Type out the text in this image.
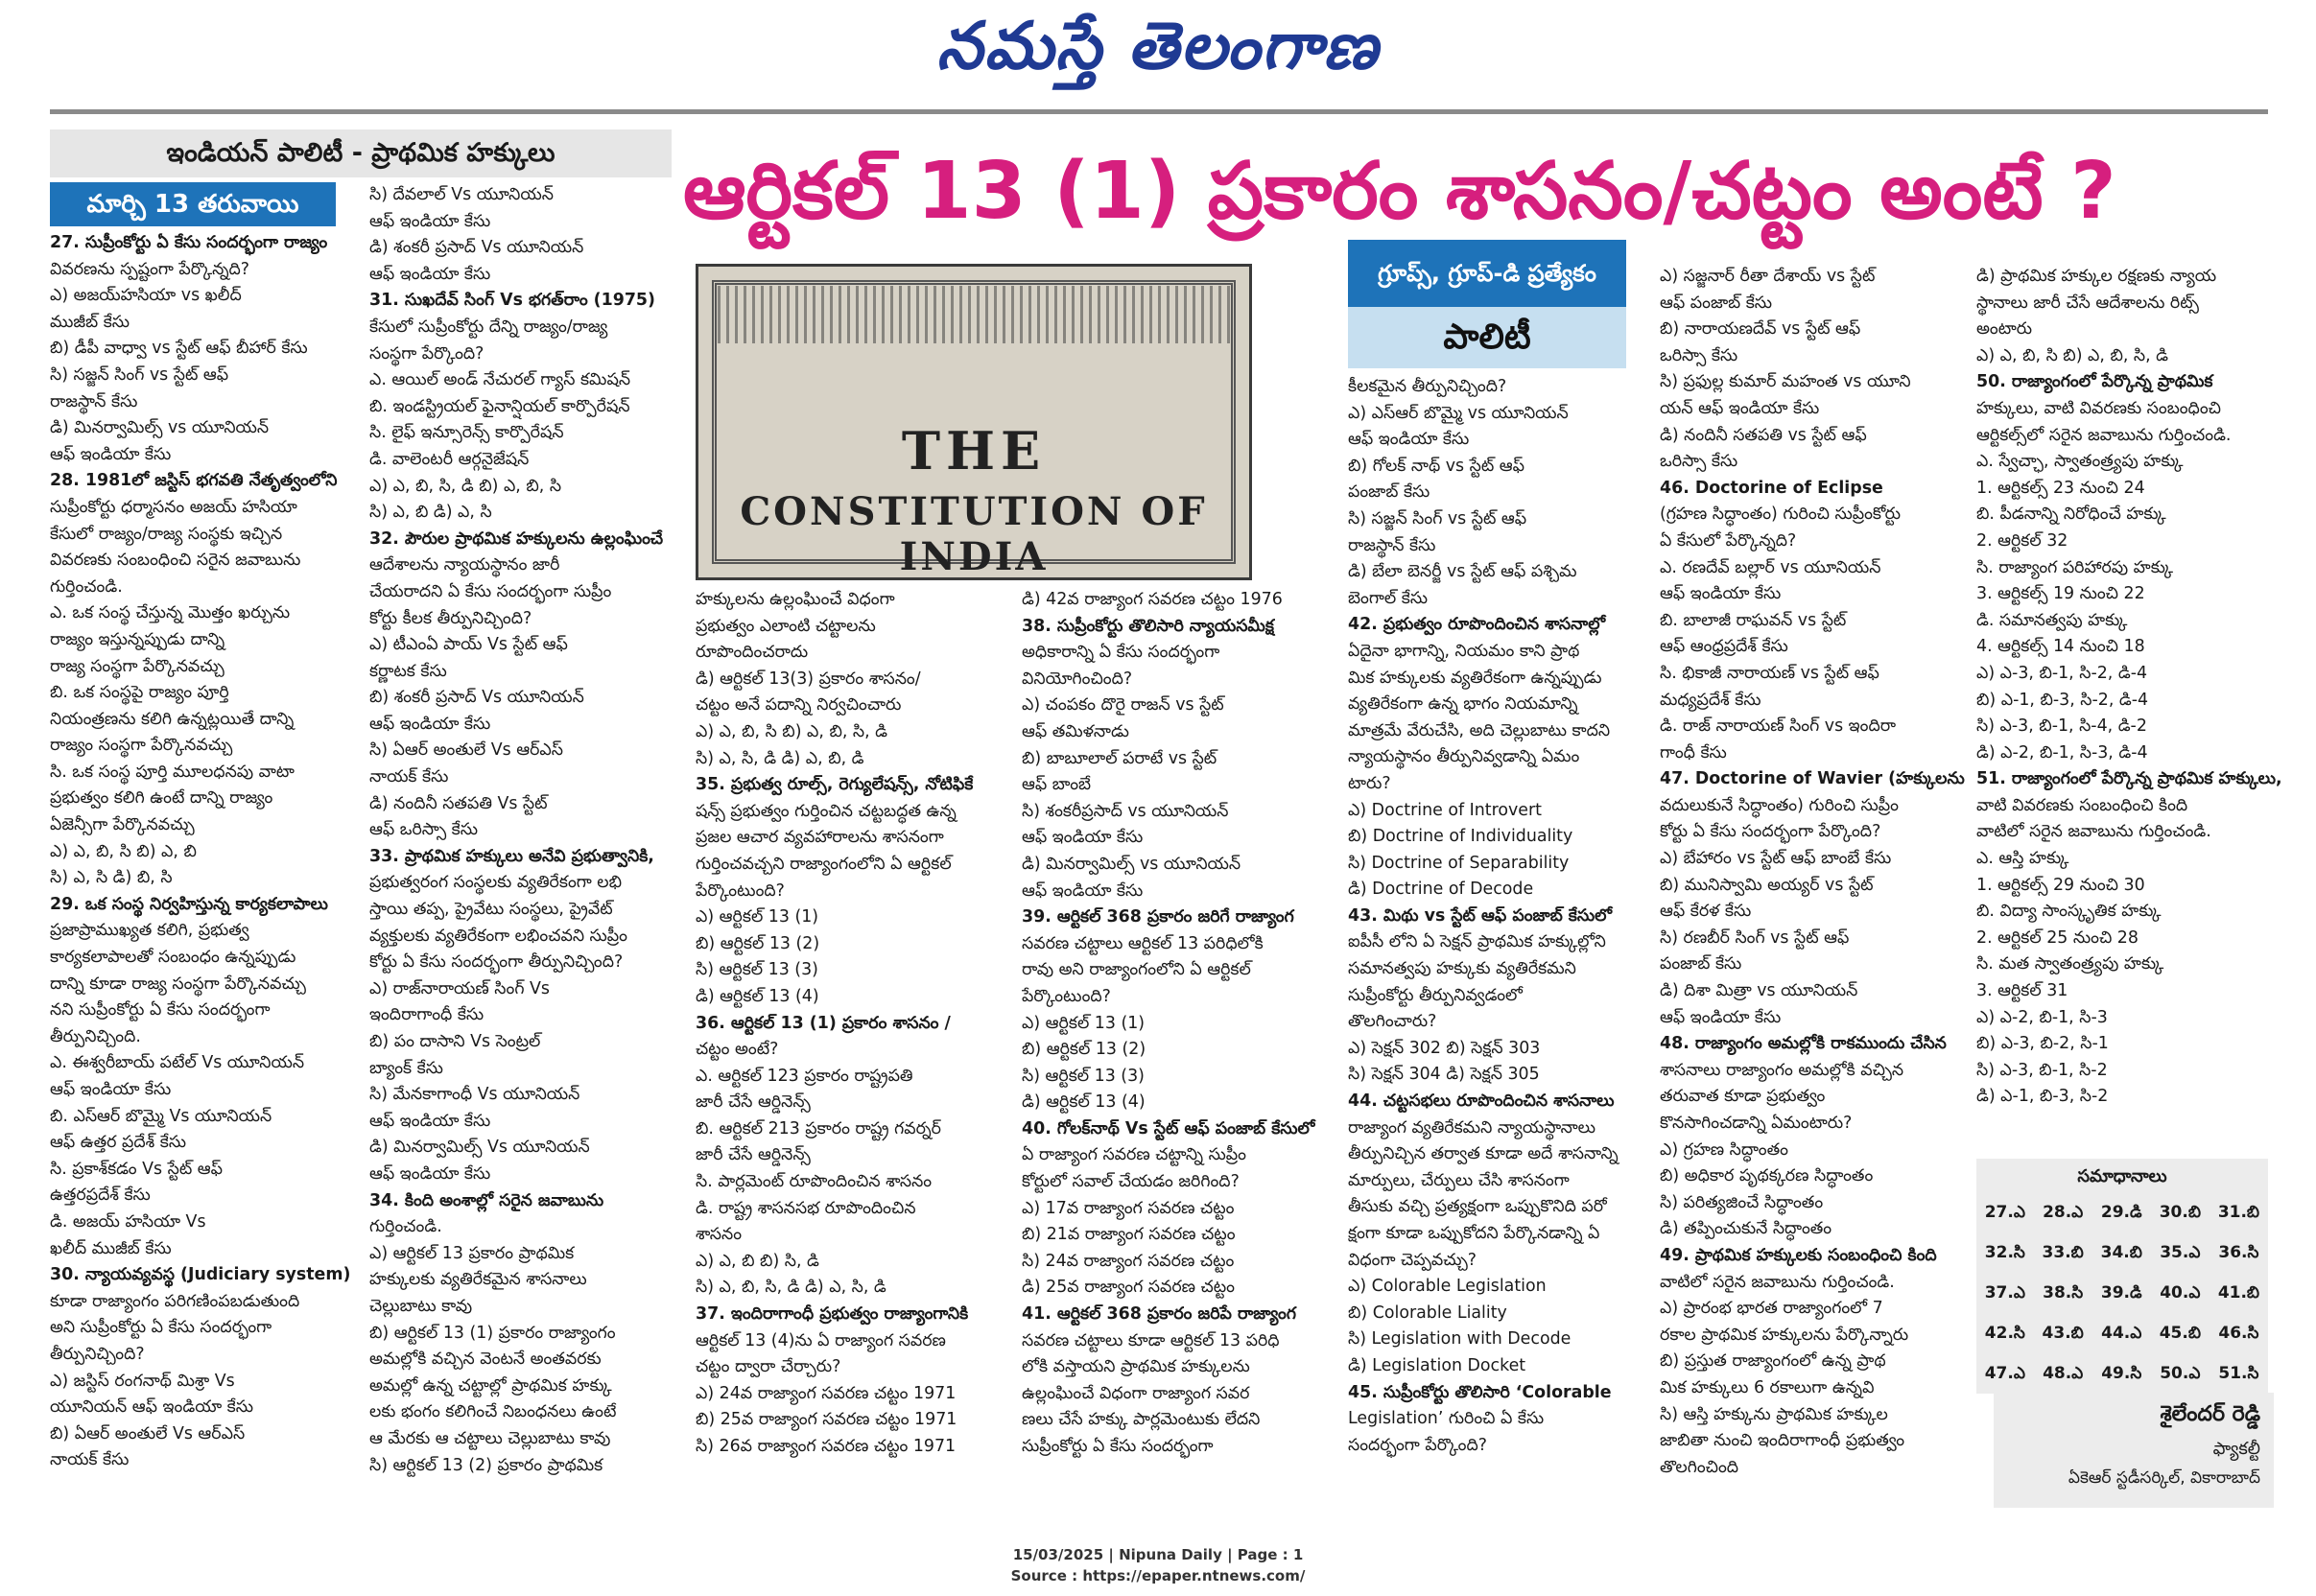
నమస్తే తెలంగాణ
ఇండియన్ పాలిటీ - ప్రాథమిక హక్కులు
మార్చి 13 తరువాయి	ఆర్టికల్ 13 (1) ప్రకారం శాసనం/చట్టం అంటే ?
గ్రూప్స్, గ్రూప్-డి ప్రత్యేకం
పాలిటీ
THE
CONSTITUTION OF INDIA

27. సుప్రీంకోర్టు ఏ కేసు సందర్భంగా రాజ్యం

వివరణను స్పష్టంగా పేర్కొన్నది?

ఎ) అజయ్‌హసియా vs ఖలీద్

ముజీబ్ కేసు

బి) డీపీ వాధ్వా vs స్టేట్ ఆఫ్ బీహార్ కేసు

సి) సజ్జన్ సింగ్ vs స్టేట్ ఆఫ్

రాజస్థాన్ కేసు

డి) మినర్వామిల్స్ vs యూనియన్

ఆఫ్ ఇండియా కేసు

28. 1981లో జస్టిస్ భగవతి నేతృత్వంలోని

సుప్రీంకోర్టు ధర్మాసనం అజయ్ హసియా

కేసులో రాజ్యం/రాజ్య సంస్థకు ఇచ్చిన

వివరణకు సంబంధించి సరైన జవాబును

గుర్తించండి.

ఎ. ఒక సంస్థ చేస్తున్న మొత్తం ఖర్చును

రాజ్యం ఇస్తున్నప్పుడు దాన్ని

రాజ్య సంస్థగా పేర్కొనవచ్చు

బి. ఒక సంస్థపై రాజ్యం పూర్తి

నియంత్రణను కలిగి ఉన్నట్లయితే దాన్ని

రాజ్యం సంస్థగా పేర్కొనవచ్చు

సి. ఒక సంస్థ పూర్తి మూలధనపు వాటా

ప్రభుత్వం కలిగి ఉంటే దాన్ని రాజ్యం

ఏజెన్సీగా పేర్కొనవచ్చు

ఎ) ఎ, బి, సి బి) ఎ, బి

సి) ఎ, సి డి) బి, సి

29. ఒక సంస్థ నిర్వహిస్తున్న కార్యకలాపాలు

ప్రజాప్రాముఖ్యత కలిగి, ప్రభుత్వ

కార్యకలాపాలతో సంబంధం ఉన్నప్పుడు

దాన్ని కూడా రాజ్య సంస్థగా పేర్కొనవచ్చు

నని సుప్రీంకోర్టు ఏ కేసు సందర్భంగా

తీర్పునిచ్చింది.

ఎ. ఈశ్వరీబాయ్ పటేల్ Vs యూనియన్

ఆఫ్ ఇండియా కేసు

బి. ఎస్ఆర్ బొమ్మై Vs యూనియన్

ఆఫ్ ఉత్తర ప్రదేశ్ కేసు

సి. ప్రకాశ్‌కడం Vs స్టేట్ ఆఫ్

ఉత్తరప్రదేశ్ కేసు

డి. అజయ్ హసియా Vs

ఖలీద్ ముజీబ్ కేసు

30. న్యాయవ్యవస్థ (Judiciary system)

కూడా రాజ్యాంగం పరిగణింపబడుతుంది

అని సుప్రీంకోర్టు ఏ కేసు సందర్భంగా

తీర్పునిచ్చింది?

ఎ) జస్టిస్ రంగనాథ్ మిశ్రా Vs

యూనియన్ ఆఫ్ ఇండియా కేసు

బి) ఏఆర్ అంతులే Vs ఆర్ఎస్

నాయక్ కేసు

సి) దేవలాల్ Vs యూనియన్

ఆఫ్ ఇండియా కేసు

డి) శంకరీ ప్రసాద్ Vs యూనియన్

ఆఫ్ ఇండియా కేసు

31. సుఖదేవ్ సింగ్ Vs భగత్‌రాం (1975)

కేసులో సుప్రీంకోర్టు దేన్ని రాజ్యం/రాజ్య

సంస్థగా పేర్కొంది?

ఎ. ఆయిల్ అండ్ నేచురల్ గ్యాస్ కమిషన్

బి. ఇండస్ట్రియల్ ఫైనాన్షియల్ కార్పొరేషన్

సి. లైఫ్ ఇన్సూరెన్స్ కార్పొరేషన్

డి. వాలెంటరీ ఆర్గనైజేషన్

ఎ) ఎ, బి, సి, డి బి) ఎ, బి, సి

సి) ఎ, బి డి) ఎ, సి

32. పౌరుల ప్రాథమిక హక్కులను ఉల్లంఘించే

ఆదేశాలను న్యాయస్థానం జారీ

చేయరాదని ఏ కేసు సందర్భంగా సుప్రీం

కోర్టు కీలక తీర్పునిచ్చింది?

ఎ) టీఎంఏ పాయ్ Vs స్టేట్ ఆఫ్

కర్ణాటక కేసు

బి) శంకరీ ప్రసాద్ Vs యూనియన్

ఆఫ్ ఇండియా కేసు

సి) ఏఆర్ అంతులే Vs ఆర్ఎస్

నాయక్ కేసు

డి) నందినీ సతపతి Vs స్టేట్

ఆఫ్ ఒరిస్సా కేసు

33. ప్రాథమిక హక్కులు అనేవి ప్రభుత్వానికి,

ప్రభుత్వరంగ సంస్థలకు వ్యతిరేకంగా లభి

స్తాయి తప్ప, ప్రైవేటు సంస్థలు, ప్రైవేట్

వ్యక్తులకు వ్యతిరేకంగా లభించవని సుప్రీం

కోర్టు ఏ కేసు సందర్భంగా తీర్పునిచ్చింది?

ఎ) రాజ్‌నారాయణ్ సింగ్ Vs

ఇందిరాగాంధీ కేసు

బి) పం దాసాని Vs సెంట్రల్

బ్యాంక్ కేసు

సి) మేనకాగాంధీ Vs యూనియన్

ఆఫ్ ఇండియా కేసు

డి) మినర్వామిల్స్ Vs యూనియన్

ఆఫ్ ఇండియా కేసు

34. కింది అంశాల్లో సరైన జవాబును

గుర్తించండి.

ఎ) ఆర్టికల్ 13 ప్రకారం ప్రాథమిక

హక్కులకు వ్యతిరేకమైన శాసనాలు

చెల్లుబాటు కావు

బి) ఆర్టికల్ 13 (1) ప్రకారం రాజ్యాంగం

అమల్లోకి వచ్చిన వెంటనే అంతవరకు

అమల్లో ఉన్న చట్టాల్లో ప్రాథమిక హక్కు

లకు భంగం కలిగించే నిబంధనలు ఉంటే

ఆ మేరకు ఆ చట్టాలు చెల్లుబాటు కావు

సి) ఆర్టికల్ 13 (2) ప్రకారం ప్రాథమిక

హక్కులను ఉల్లంఘించే విధంగా

ప్రభుత్వం ఎలాంటి చట్టాలను

రూపొందించరాదు

డి) ఆర్టికల్ 13(3) ప్రకారం శాసనం/

చట్టం అనే పదాన్ని నిర్వచించారు

ఎ) ఎ, బి, సి బి) ఎ, బి, సి, డి

సి) ఎ, సి, డి డి) ఎ, బి, డి

35. ప్రభుత్వ రూల్స్, రెగ్యులేషన్స్, నోటిఫికే

షన్స్ ప్రభుత్వం గుర్తించిన చట్టబద్ధత ఉన్న

ప్రజల ఆచార వ్యవహారాలను శాసనంగా

గుర్తించవచ్చని రాజ్యాంగంలోని ఏ ఆర్టికల్

పేర్కొంటుంది?

ఎ) ఆర్టికల్ 13 (1)

బి) ఆర్టికల్ 13 (2)

సి) ఆర్టికల్ 13 (3)

డి) ఆర్టికల్ 13 (4)

36. ఆర్టికల్ 13 (1) ప్రకారం శాసనం /

చట్టం అంటే?

ఎ. ఆర్టికల్ 123 ప్రకారం రాష్ట్రపతి

జారీ చేసే ఆర్డినెన్స్

బి. ఆర్టికల్ 213 ప్రకారం రాష్ట్ర గవర్నర్

జారీ చేసే ఆర్డినెన్స్

సి. పార్లమెంట్ రూపొందించిన శాసనం

డి. రాష్ట్ర శాసనసభ రూపొందించిన

శాసనం

ఎ) ఎ, బి బి) సి, డి

సి) ఎ, బి, సి, డి డి) ఎ, సి, డి

37. ఇందిరాగాంధీ ప్రభుత్వం రాజ్యాంగానికి

ఆర్టికల్ 13 (4)ను ఏ రాజ్యాంగ సవరణ

చట్టం ద్వారా చేర్చారు?

ఎ) 24వ రాజ్యాంగ సవరణ చట్టం 1971

బి) 25వ రాజ్యాంగ సవరణ చట్టం 1971

సి) 26వ రాజ్యాంగ సవరణ చట్టం 1971

డి) 42వ రాజ్యాంగ సవరణ చట్టం 1976

38. సుప్రీంకోర్టు తొలిసారి న్యాయసమీక్ష

అధికారాన్ని ఏ కేసు సందర్భంగా

వినియోగించింది?

ఎ) చంపకం దొరై రాజన్ vs స్టేట్

ఆఫ్ తమిళనాడు

బి) బాబూలాల్ పరాటే vs స్టేట్

ఆఫ్ బాంబే

సి) శంకరీప్రసాద్ vs యూనియన్

ఆఫ్ ఇండియా కేసు

డి) మినర్వామిల్స్ vs యూనియన్

ఆఫ్ ఇండియా కేసు

39. ఆర్టికల్ 368 ప్రకారం జరిగే రాజ్యాంగ

సవరణ చట్టాలు ఆర్టికల్ 13 పరిధిలోకి

రావు అని రాజ్యాంగంలోని ఏ ఆర్టికల్

పేర్కొంటుంది?

ఎ) ఆర్టికల్ 13 (1)

బి) ఆర్టికల్ 13 (2)

సి) ఆర్టికల్ 13 (3)

డి) ఆర్టికల్ 13 (4)

40. గోలక్‌నాథ్ Vs స్టేట్ ఆఫ్ పంజాబ్ కేసులో

ఏ రాజ్యాంగ సవరణ చట్టాన్ని సుప్రీం

కోర్టులో సవాల్ చేయడం జరిగింది?

ఎ) 17వ రాజ్యాంగ సవరణ చట్టం

బి) 21వ రాజ్యాంగ సవరణ చట్టం

సి) 24వ రాజ్యాంగ సవరణ చట్టం

డి) 25వ రాజ్యాంగ సవరణ చట్టం

41. ఆర్టికల్ 368 ప్రకారం జరిపే రాజ్యాంగ

సవరణ చట్టాలు కూడా ఆర్టికల్ 13 పరిధి

లోకి వస్తాయని ప్రాథమిక హక్కులను

ఉల్లంఘించే విధంగా రాజ్యాంగ సవర

ణలు చేసే హక్కు పార్లమెంటుకు లేదని

సుప్రీంకోర్టు ఏ కేసు సందర్భంగా

కీలకమైన తీర్పునిచ్చింది?

ఎ) ఎస్ఆర్ బొమ్మై vs యూనియన్

ఆఫ్ ఇండియా కేసు

బి) గోలక్ నాథ్ vs స్టేట్ ఆఫ్

పంజాబ్ కేసు

సి) సజ్జన్ సింగ్ vs స్టేట్ ఆఫ్

రాజస్థాన్ కేసు

డి) బేలా బెనర్జీ vs స్టేట్ ఆఫ్ పశ్చిమ

బెంగాల్ కేసు

42. ప్రభుత్వం రూపొందించిన శాసనాల్లో

ఏదైనా భాగాన్ని, నియమం కాని ప్రాథ

మిక హక్కులకు వ్యతిరేకంగా ఉన్నప్పుడు

వ్యతిరేకంగా ఉన్న భాగం నియమాన్ని

మాత్రమే వేరుచేసి, అది చెల్లుబాటు కాదని

న్యాయస్థానం తీర్పునివ్వడాన్ని ఏమం

టారు?

ఎ) Doctrine of Introvert

బి) Doctrine of Individuality

సి) Doctrine of Separability

డి) Doctrine of Decode

43. మిథు vs స్టేట్ ఆఫ్ పంజాబ్ కేసులో

ఐపీసీ లోని ఏ సెక్షన్ ప్రాథమిక హక్కుల్లోని

సమానత్వపు హక్కుకు వ్యతిరేకమని

సుప్రీంకోర్టు తీర్పునివ్వడంలో

తొలగించారు?

ఎ) సెక్షన్ 302 బి) సెక్షన్ 303

సి) సెక్షన్ 304 డి) సెక్షన్ 305

44. చట్టసభలు రూపొందించిన శాసనాలు

రాజ్యాంగ వ్యతిరేకమని న్యాయస్థానాలు

తీర్పునిచ్చిన తర్వాత కూడా అదే శాసనాన్ని

మార్పులు, చేర్పులు చేసి శాసనంగా

తీసుకు వచ్చి ప్రత్యక్షంగా ఒప్పుకొనిది పరో

క్షంగా కూడా ఒప్పుకోదని పేర్కొనడాన్ని ఏ

విధంగా చెప్పవచ్చు?

ఎ) Colorable Legislation

బి) Colorable Liality

సి) Legislation with Decode

డి) Legislation Docket

45. సుప్రీంకోర్టు తొలిసారి ‘Colorable

Legislation’ గురించి ఏ కేసు

సందర్భంగా పేర్కొంది?

ఎ) సజ్జనార్ రీతా దేశాయ్ vs స్టేట్

ఆఫ్ పంజాబ్ కేసు

బి) నారాయణదేవ్ vs స్టేట్ ఆఫ్

ఒరిస్సా కేసు

సి) ప్రఫుల్ల కుమార్ మహంత vs యూని

యన్ ఆఫ్ ఇండియా కేసు

డి) నందినీ సతపతి vs స్టేట్ ఆఫ్

ఒరిస్సా కేసు

46. Doctorine of Eclipse

(గ్రహణ సిద్ధాంతం) గురించి సుప్రీంకోర్టు

ఏ కేసులో పేర్కొన్నది?

ఎ. రణదేవ్ బల్లార్ vs యూనియన్

ఆఫ్ ఇండియా కేసు

బి. బాలాజీ రాఘవన్ vs స్టేట్

ఆఫ్ ఆంధ్రప్రదేశ్ కేసు

సి. భికాజీ నారాయణ్ vs స్టేట్ ఆఫ్

మధ్యప్రదేశ్ కేసు

డి. రాజ్ నారాయణ్ సింగ్ vs ఇందిరా

గాంధీ కేసు

47. Doctorine of Wavier (హక్కులను

వదులుకునే సిద్ధాంతం) గురించి సుప్రీం

కోర్టు ఏ కేసు సందర్భంగా పేర్కొంది?

ఎ) బేహారం vs స్టేట్ ఆఫ్ బాంబే కేసు

బి) మునిస్వామి అయ్యర్ vs స్టేట్

ఆఫ్ కేరళ కేసు

సి) రణబీర్ సింగ్ vs స్టేట్ ఆఫ్

పంజాబ్ కేసు

డి) దిశా మిత్రా vs యూనియన్

ఆఫ్ ఇండియా కేసు

48. రాజ్యాంగం అమల్లోకి రాకముందు చేసిన

శాసనాలు రాజ్యాంగం అమల్లోకి వచ్చిన

తరువాత కూడా ప్రభుత్వం

కొనసాగించడాన్ని ఏమంటారు?

ఎ) గ్రహణ సిద్ధాంతం

బి) అధికార పృథక్కరణ సిద్ధాంతం

సి) పరిత్యజించే సిద్ధాంతం

డి) తప్పించుకునే సిద్ధాంతం

49. ప్రాథమిక హక్కులకు సంబంధించి కింది

వాటిలో సరైన జవాబును గుర్తించండి.

ఎ) ప్రారంభ భారత రాజ్యాంగంలో 7

రకాల ప్రాథమిక హక్కులను పేర్కొన్నారు

బి) ప్రస్తుత రాజ్యాంగంలో ఉన్న ప్రాథ

మిక హక్కులు 6 రకాలుగా ఉన్నవి

సి) ఆస్తి హక్కును ప్రాథమిక హక్కుల

జాబితా నుంచి ఇందిరాగాంధీ ప్రభుత్వం

తొలగించింది

డి) ప్రాథమిక హక్కుల రక్షణకు న్యాయ

స్థానాలు జారీ చేసే ఆదేశాలను రిట్స్

అంటారు

ఎ) ఎ, బి, సి బి) ఎ, బి, సి, డి

50. రాజ్యాంగంలో పేర్కొన్న ప్రాథమిక

హక్కులు, వాటి వివరణకు సంబంధించి

ఆర్టికల్స్‌లో సరైన జవాబును గుర్తించండి.

ఎ. స్వేచ్ఛా, స్వాతంత్ర్యపు హక్కు

1. ఆర్టికల్స్ 23 నుంచి 24

బి. పీడనాన్ని నిరోధించే హక్కు

2. ఆర్టికల్ 32

సి. రాజ్యాంగ పరిహారపు హక్కు

3. ఆర్టికల్స్ 19 నుంచి 22

డి. సమానత్వపు హక్కు

4. ఆర్టికల్స్ 14 నుంచి 18

ఎ) ఎ-3, బి-1, సి-2, డి-4

బి) ఎ-1, బి-3, సి-2, డి-4

సి) ఎ-3, బి-1, సి-4, డి-2

డి) ఎ-2, బి-1, సి-3, డి-4

51. రాజ్యాంగంలో పేర్కొన్న ప్రాథమిక హక్కులు,

వాటి వివరణకు సంబంధించి కింది

వాటిలో సరైన జవాబును గుర్తించండి.

ఎ. ఆస్తి హక్కు

1. ఆర్టికల్స్ 29 నుంచి 30

బి. విద్యా సాంస్కృతిక హక్కు

2. ఆర్టికల్ 25 నుంచి 28

సి. మత స్వాతంత్ర్యపు హక్కు

3. ఆర్టికల్ 31

ఎ) ఎ-2, బి-1, సి-3

బి) ఎ-3, బి-2, సి-1

సి) ఎ-3, బి-1, సి-2

డి) ఎ-1, బి-3, సి-2

సమాధానాలు
27.ఎ	28.ఎ	29.డి	30.బి	31.బి
32.సి	33.బి	34.బి	35.ఎ	36.సి
37.ఎ	38.సి	39.డి	40.ఎ	41.బి
42.సి	43.బి	44.ఎ	45.బి	46.సి
47.ఎ	48.ఎ	49.సి	50.ఎ	51.సి
శైలేందర్ రెడ్డి
ఫ్యాకల్టీ
ఏకెఆర్ స్టడీసర్కిల్, వికారాబాద్
15/03/2025 | Nipuna Daily | Page : 1
Source : https://epaper.ntnews.com/
